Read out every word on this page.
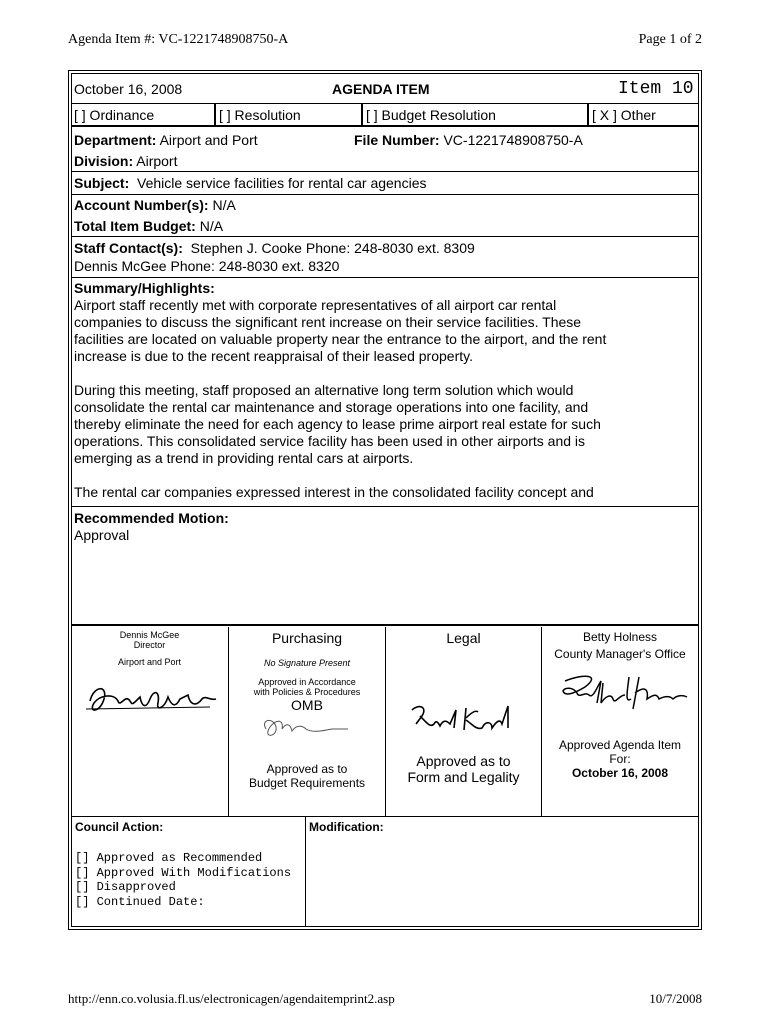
Agenda Item #: VC-1221748908750-A	Page 1 of 2
October 16, 2008	AGENDA ITEM	Item 10
[ ] Ordinance	[ ] Resolution	[ ] Budget Resolution	[ X ] Other
Department: Airport and Port	File Number: VC-1221748908750-A
Division: Airport
Subject: Vehicle service facilities for rental car agencies
Account Number(s): N/A
Total Item Budget: N/A
Staff Contact(s): Stephen J. Cooke Phone: 248-8030 ext. 8309
Dennis McGee Phone: 248-8030 ext. 8320
Summary/Highlights:
Airport staff recently met with corporate representatives of all airport car rental
companies to discuss the significant rent increase on their service facilities. These
facilities are located on valuable property near the entrance to the airport, and the rent
increase is due to the recent reappraisal of their leased property.

During this meeting, staff proposed an alternative long term solution which would
consolidate the rental car maintenance and storage operations into one facility, and
thereby eliminate the need for each agency to lease prime airport real estate for such
operations. This consolidated service facility has been used in other airports and is
emerging as a trend in providing rental cars at airports.

The rental car companies expressed interest in the consolidated facility concept and
Recommended Motion:
Approval
Dennis McGee
Director
Airport and Port
Purchasing
No Signature Present
Approved in Accordance
with Policies & Procedures
OMB
Approved as to
Budget Requirements
Legal
Approved as to
Form and Legality
Betty Holness
County Manager's Office
Approved Agenda Item
For:
October 16, 2008
Council Action:	Modification:
[] Approved as Recommended
[] Approved With Modifications
[] Disapproved
[] Continued Date:
http://enn.co.volusia.fl.us/electronicagen/agendaitemprint2.asp	10/7/2008
